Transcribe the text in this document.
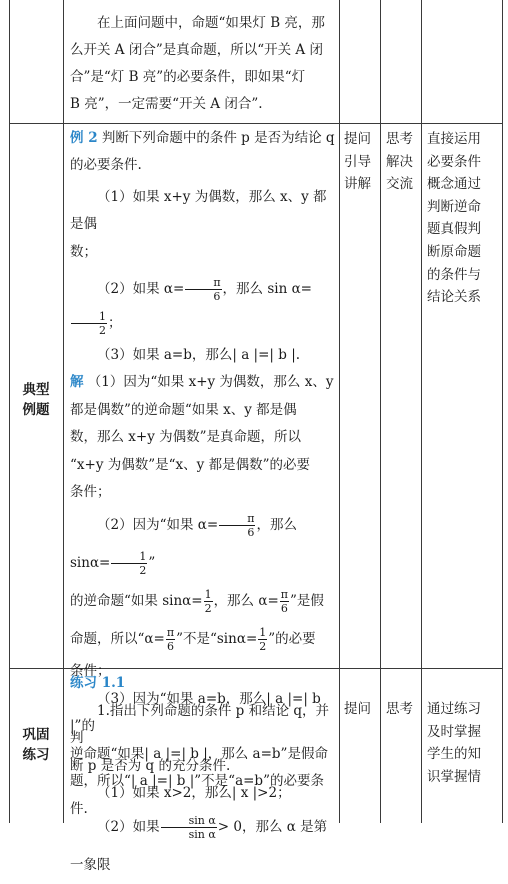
在上面问题中，命题“如果灯 B 亮，那

么开关 A 闭合”是真命题，所以“开关 A 闭

合”是“灯 B 亮”的必要条件，即如果“灯

B 亮”，一定需要“开关 A 闭合”.

典型
例题

例 2 判断下列命题中的条件 p 是否为结论 q

的必要条件.

（1）如果 x+y 为偶数，那么 x、y 都是偶

数；

（2）如果 $\alpha= \frac{\pi}{6}$ ，那么 sin α=
$\frac{1}{2}$ ；

（3）如果 a=b，那么| a |=| b |.

解 （1）因为“如果 x+y 为偶数，那么 x、y

都是偶数”的逆命题“如果 x、y 都是偶

数，那么 x+y 为偶数”是真命题，所以

“x+y 为偶数”是“x、y 都是偶数”的必要

条件；

（2）因为“如果 $\alpha= \frac{\pi}{6}$ ，那么 $\sin\alpha= \frac{1}{2}$ ”

的逆命题“如果 $\sin\alpha= \frac{1}{2}$ ，那么 $\alpha= \frac{\pi}{6}$ ”是假

命题，所以“$\alpha= \frac{\pi}{6}$ ”不是“$\sin\alpha= \frac{1}{2}$ ”的必要

条件；

（3）因为“如果 a=b，那么| a |=| b |”的

逆命题“如果| a |=| b |，那么 a=b”是假命

题，所以“| a |=| b |”不是“a=b”的必要条

件.

提问
引导
讲解
思考
解决
交流
直接运用
必要条件
概念通过
判断逆命
题真假判
断原命题
的条件与
结论关系
巩固
练习

练习 1.1

1.指出下列命题的条件 p 和结论 q，并判

断 p 是否为 q 的充分条件.

（1）如果 x>2，那么| x |>2；

（2）如果 $\frac{\text{sin α}}{\text{sin α}} > 0$，那么 α 是第一象限

提问 思考 通过练习
及时掌握
学生的知
识掌握情
